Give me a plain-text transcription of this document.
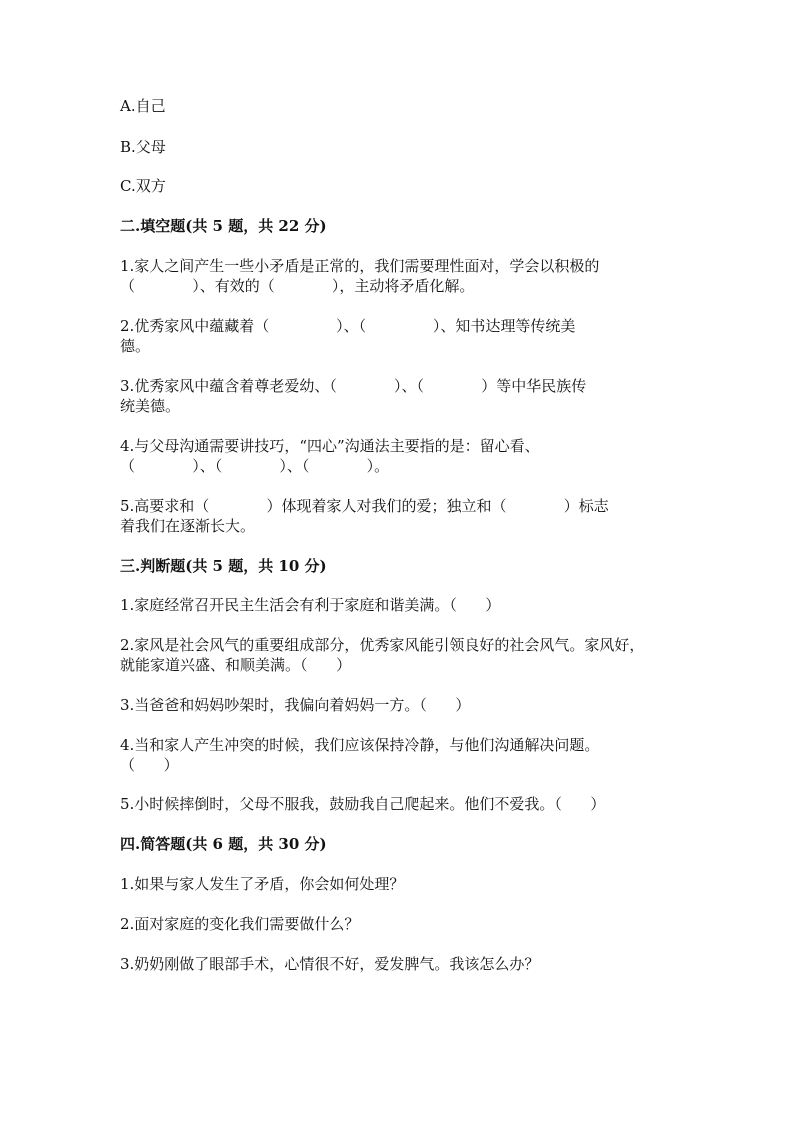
A.自己
B.父母
C.双方
二.填空题(共 5 题，共 22 分)
1.家人之间产生一些小矛盾是正常的，我们需要理性面对，学会以积极的
（            ）、有效的（            ），主动将矛盾化解。
2.优秀家风中蕴藏着（              ）、（              ）、知书达理等传统美
德。
3.优秀家风中蕴含着尊老爱幼、（            ）、（            ）等中华民族传
统美德。
4.与父母沟通需要讲技巧，“四心”沟通法主要指的是：留心看、
（            ）、（            ）、（            ）。
5.高要求和（            ）体现着家人对我们的爱；独立和（            ）标志
着我们在逐渐长大。
三.判断题(共 5 题，共 10 分)
1.家庭经常召开民主生活会有利于家庭和谐美满。（      ）
2.家风是社会风气的重要组成部分，优秀家风能引领良好的社会风气。家风好，
就能家道兴盛、和顺美满。（      ）
3.当爸爸和妈妈吵架时，我偏向着妈妈一方。（      ）
4.当和家人产生冲突的时候，我们应该保持冷静，与他们沟通解决问题。
（      ）
5.小时候摔倒时，父母不服我，鼓励我自己爬起来。他们不爱我。（      ）
四.简答题(共 6 题，共 30 分)
1.如果与家人发生了矛盾，你会如何处理？
2.面对家庭的变化我们需要做什么？
3.奶奶刚做了眼部手术，心情很不好，爱发脾气。我该怎么办？
